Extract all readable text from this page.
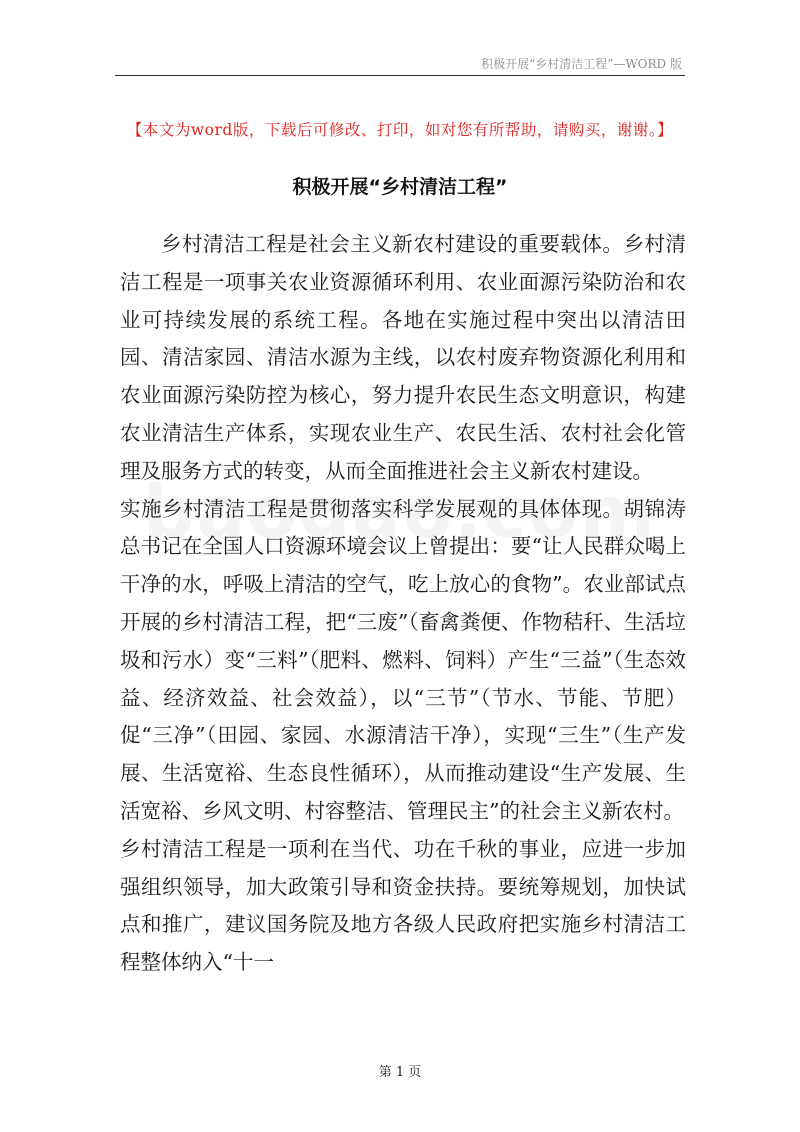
积极开展“乡村清洁工程”—WORD 版
【本文为word版，下载后可修改、打印，如对您有所帮助，请购买，谢谢。】
积极开展“乡村清洁工程”

乡村清洁工程是社会主义新农村建设的重要载体。乡村清洁工程是一项事关农业资源循环利用、农业面源污染防治和农业可持续发展的系统工程。各地在实施过程中突出以清洁田园、清洁家园、清洁水源为主线，以农村废弃物资源化利用和农业面源污染防控为核心，努力提升农民生态文明意识，构建农业清洁生产体系，实现农业生产、农民生活、农村社会化管理及服务方式的转变，从而全面推进社会主义新农村建设。

实施乡村清洁工程是贯彻落实科学发展观的具体体现。胡锦涛总书记在全国人口资源环境会议上曾提出：要“让人民群众喝上干净的水，呼吸上清洁的空气，吃上放心的食物”。农业部试点开展的乡村清洁工程，把“三废”（畜禽粪便、作物秸秆、生活垃圾和污水）变“三料”（肥料、燃料、饲料）产生“三益”（生态效益、经济效益、社会效益），以“三节”（节水、节能、节肥）促“三净”（田园、家园、水源清洁干净），实现“三生”（生产发展、生活宽裕、生态良性循环），从而推动建设“生产发展、生活宽裕、乡风文明、村容整洁、管理民主”的社会主义新农村。

乡村清洁工程是一项利在当代、功在千秋的事业，应进一步加强组织领导，加大政策引导和资金扶持。要统筹规划，加快试点和推广，建议国务院及地方各级人民政府把实施乡村清洁工程整体纳入“十一

第 1 页
